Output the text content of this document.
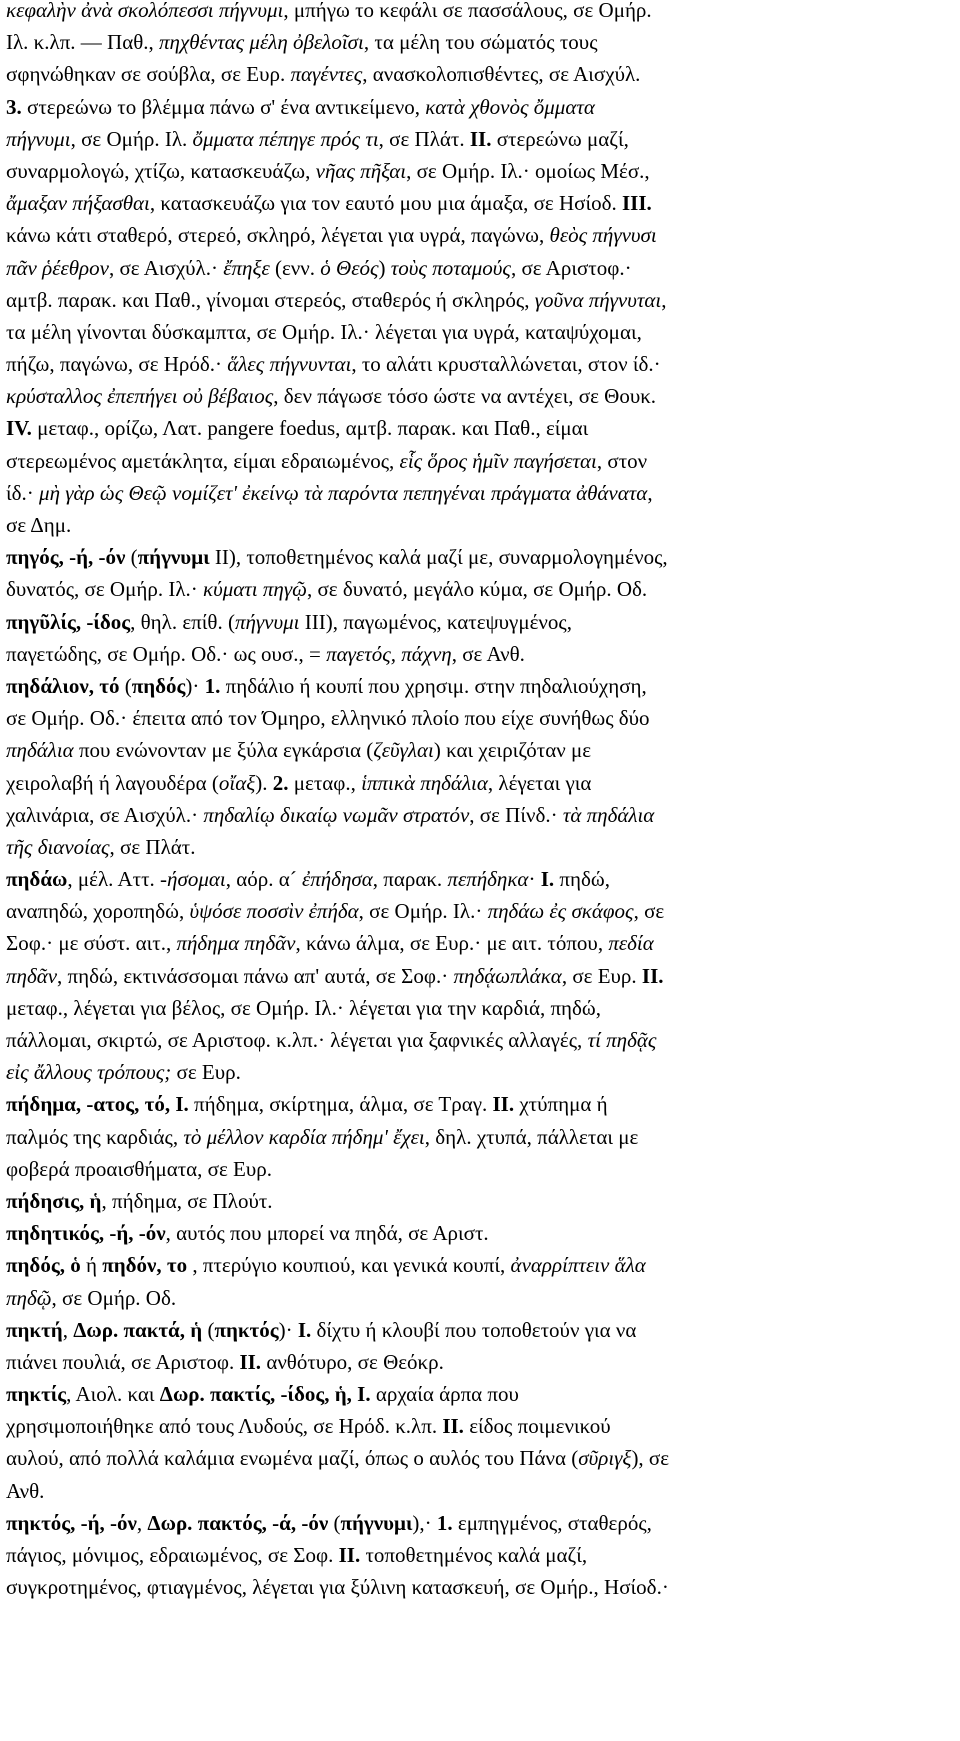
κεφαλὴν ἀνὰ σκολόπεσσι πήγνυμι, μπήγω το κεφάλι σε πασσάλους, σε Ομήρ.
Ιλ. κ.λπ. — Παθ., πηχθέντας μέλη ὀβελοῖσι, τα μέλη του σώματός τους
σφηνώθηκαν σε σούβλα, σε Ευρ. παγέντες, ανασκολοπισθέντες, σε Αισχύλ.
3. στερεώνω το βλέμμα πάνω σ' ένα αντικείμενο, κατὰ χθονὸς ὄμματα
πήγνυμι, σε Ομήρ. Ιλ. ὄμματα πέπηγε πρός τι, σε Πλάτ. II. στερεώνω μαζί,
συναρμολογώ, χτίζω, κατασκευάζω, νῆας πῆξαι, σε Ομήρ. Ιλ.· ομοίως Μέσ.,
ἄμαξαν πήξασθαι, κατασκευάζω για τον εαυτό μου μια άμαξα, σε Ησίοδ. III.
κάνω κάτι σταθερό, στερεό, σκληρό, λέγεται για υγρά, παγώνω, θεὸς πήγνυσι
πᾶν ῥέεθρον, σε Αισχύλ.· ἔπηξε (ενν. ὁ Θεός) τοὺς ποταμούς, σε Αριστοφ.·
αμτβ. παρακ. και Παθ., γίνομαι στερεός, σταθερός ή σκληρός, γοῦνα πήγνυται,
τα μέλη γίνονται δύσκαμπτα, σε Ομήρ. Ιλ.· λέγεται για υγρά, καταψύχομαι,
πήζω, παγώνω, σε Ηρόδ.· ἅλες πήγνυνται, το αλάτι κρυσταλλώνεται, στον ίδ.·
κρύσταλλος ἐπεπήγει οὐ βέβαιος, δεν πάγωσε τόσο ώστε να αντέχει, σε Θουκ.
IV. μεταφ., ορίζω, Λατ. pangere foedus, αμτβ. παρακ. και Παθ., είμαι
στερεωμένος αμετάκλητα, είμαι εδραιωμένος, εἷς ὅρος ἡμῖν παγήσεται, στον
ίδ.· μὴ γὰρ ὡς Θεῷ νομίζετ' ἐκείνῳ τὰ παρόντα πεπηγέναι πράγματα ἀθάνατα,
σε Δημ.
πηγός, -ή, -όν (πήγνυμι II), τοποθετημένος καλά μαζί με, συναρμολογημένος,
δυνατός, σε Ομήρ. Ιλ.· κύματι πηγῷ, σε δυνατό, μεγάλο κύμα, σε Ομήρ. Οδ.
πηγῦλίς, -ίδος, θηλ. επίθ. (πήγνυμι III), παγωμένος, κατεψυγμένος,
παγετώδης, σε Ομήρ. Οδ.· ως ουσ., = παγετός, πάχνη, σε Ανθ.
πηδάλιον, τό (πηδός)· 1. πηδάλιο ή κουπί που χρησιμ. στην πηδαλιούχηση,
σε Ομήρ. Οδ.· έπειτα από τον Όμηρο, ελληνικό πλοίο που είχε συνήθως δύο
πηδάλια που ενώνονταν με ξύλα εγκάρσια (ζεῦγλαι) και χειριζόταν με
χειρολαβή ή λαγουδέρα (οἴαξ). 2. μεταφ., ἱππικὰ πηδάλια, λέγεται για
χαλινάρια, σε Αισχύλ.· πηδαλίῳ δικαίῳ νωμᾶν στρατόν, σε Πίνδ.· τὰ πηδάλια
τῆς διανοίας, σε Πλάτ.
πηδάω, μέλ. Αττ. -ήσομαι, αόρ. α´ ἐπήδησα, παρακ. πεπήδηκα· I. πηδώ,
αναπηδώ, χοροπηδώ, ὑψόσε ποσσὶν ἐπήδα, σε Ομήρ. Ιλ.· πηδάω ἐς σκάφος, σε
Σοφ.· με σύστ. αιτ., πήδημα πηδᾶν, κάνω άλμα, σε Ευρ.· με αιτ. τόπου, πεδία
πηδᾶν, πηδώ, εκτινάσσομαι πάνω απ' αυτά, σε Σοφ.· πηδᾴωπλάκα, σε Ευρ. II.
μεταφ., λέγεται για βέλος, σε Ομήρ. Ιλ.· λέγεται για την καρδιά, πηδώ,
πάλλομαι, σκιρτώ, σε Αριστοφ. κ.λπ.· λέγεται για ξαφνικές αλλαγές, τί πηδᾷς
εἰς ἄλλους τρόπους; σε Ευρ.
πήδημα, -ατος, τό, I. πήδημα, σκίρτημα, άλμα, σε Τραγ. II. χτύπημα ή
παλμός της καρδιάς, τὸ μέλλον καρδία πήδημ' ἔχει, δηλ. χτυπά, πάλλεται με
φοβερά προαισθήματα, σε Ευρ.
πήδησις, ἡ, πήδημα, σε Πλούτ.
πηδητικός, -ή, -όν, αυτός που μπορεί να πηδά, σε Αριστ.
πηδός, ὁ ή πηδόν, το , πτερύγιο κουπιού, και γενικά κουπί, ἀναρρίπτειν ἅλα
πηδῷ, σε Ομήρ. Οδ.
πηκτή, Δωρ. πακτά, ἡ (πηκτός)· I. δίχτυ ή κλουβί που τοποθετούν για να
πιάνει πουλιά, σε Αριστοφ. II. ανθότυρο, σε Θεόκρ.
πηκτίς, Αιολ. και Δωρ. πακτίς, -ίδος, ἡ, I. αρχαία άρπα που
χρησιμοποιήθηκε από τους Λυδούς, σε Ηρόδ. κ.λπ. II. είδος ποιμενικού
αυλού, από πολλά καλάμια ενωμένα μαζί, όπως ο αυλός του Πάνα (σῦριγξ), σε
Ανθ.
πηκτός, -ή, -όν, Δωρ. πακτός, -ά, -όν (πήγνυμι),· 1. εμπηγμένος, σταθερός,
πάγιος, μόνιμος, εδραιωμένος, σε Σοφ. II. τοποθετημένος καλά μαζί,
συγκροτημένος, φτιαγμένος, λέγεται για ξύλινη κατασκευή, σε Ομήρ., Ησίοδ.·
